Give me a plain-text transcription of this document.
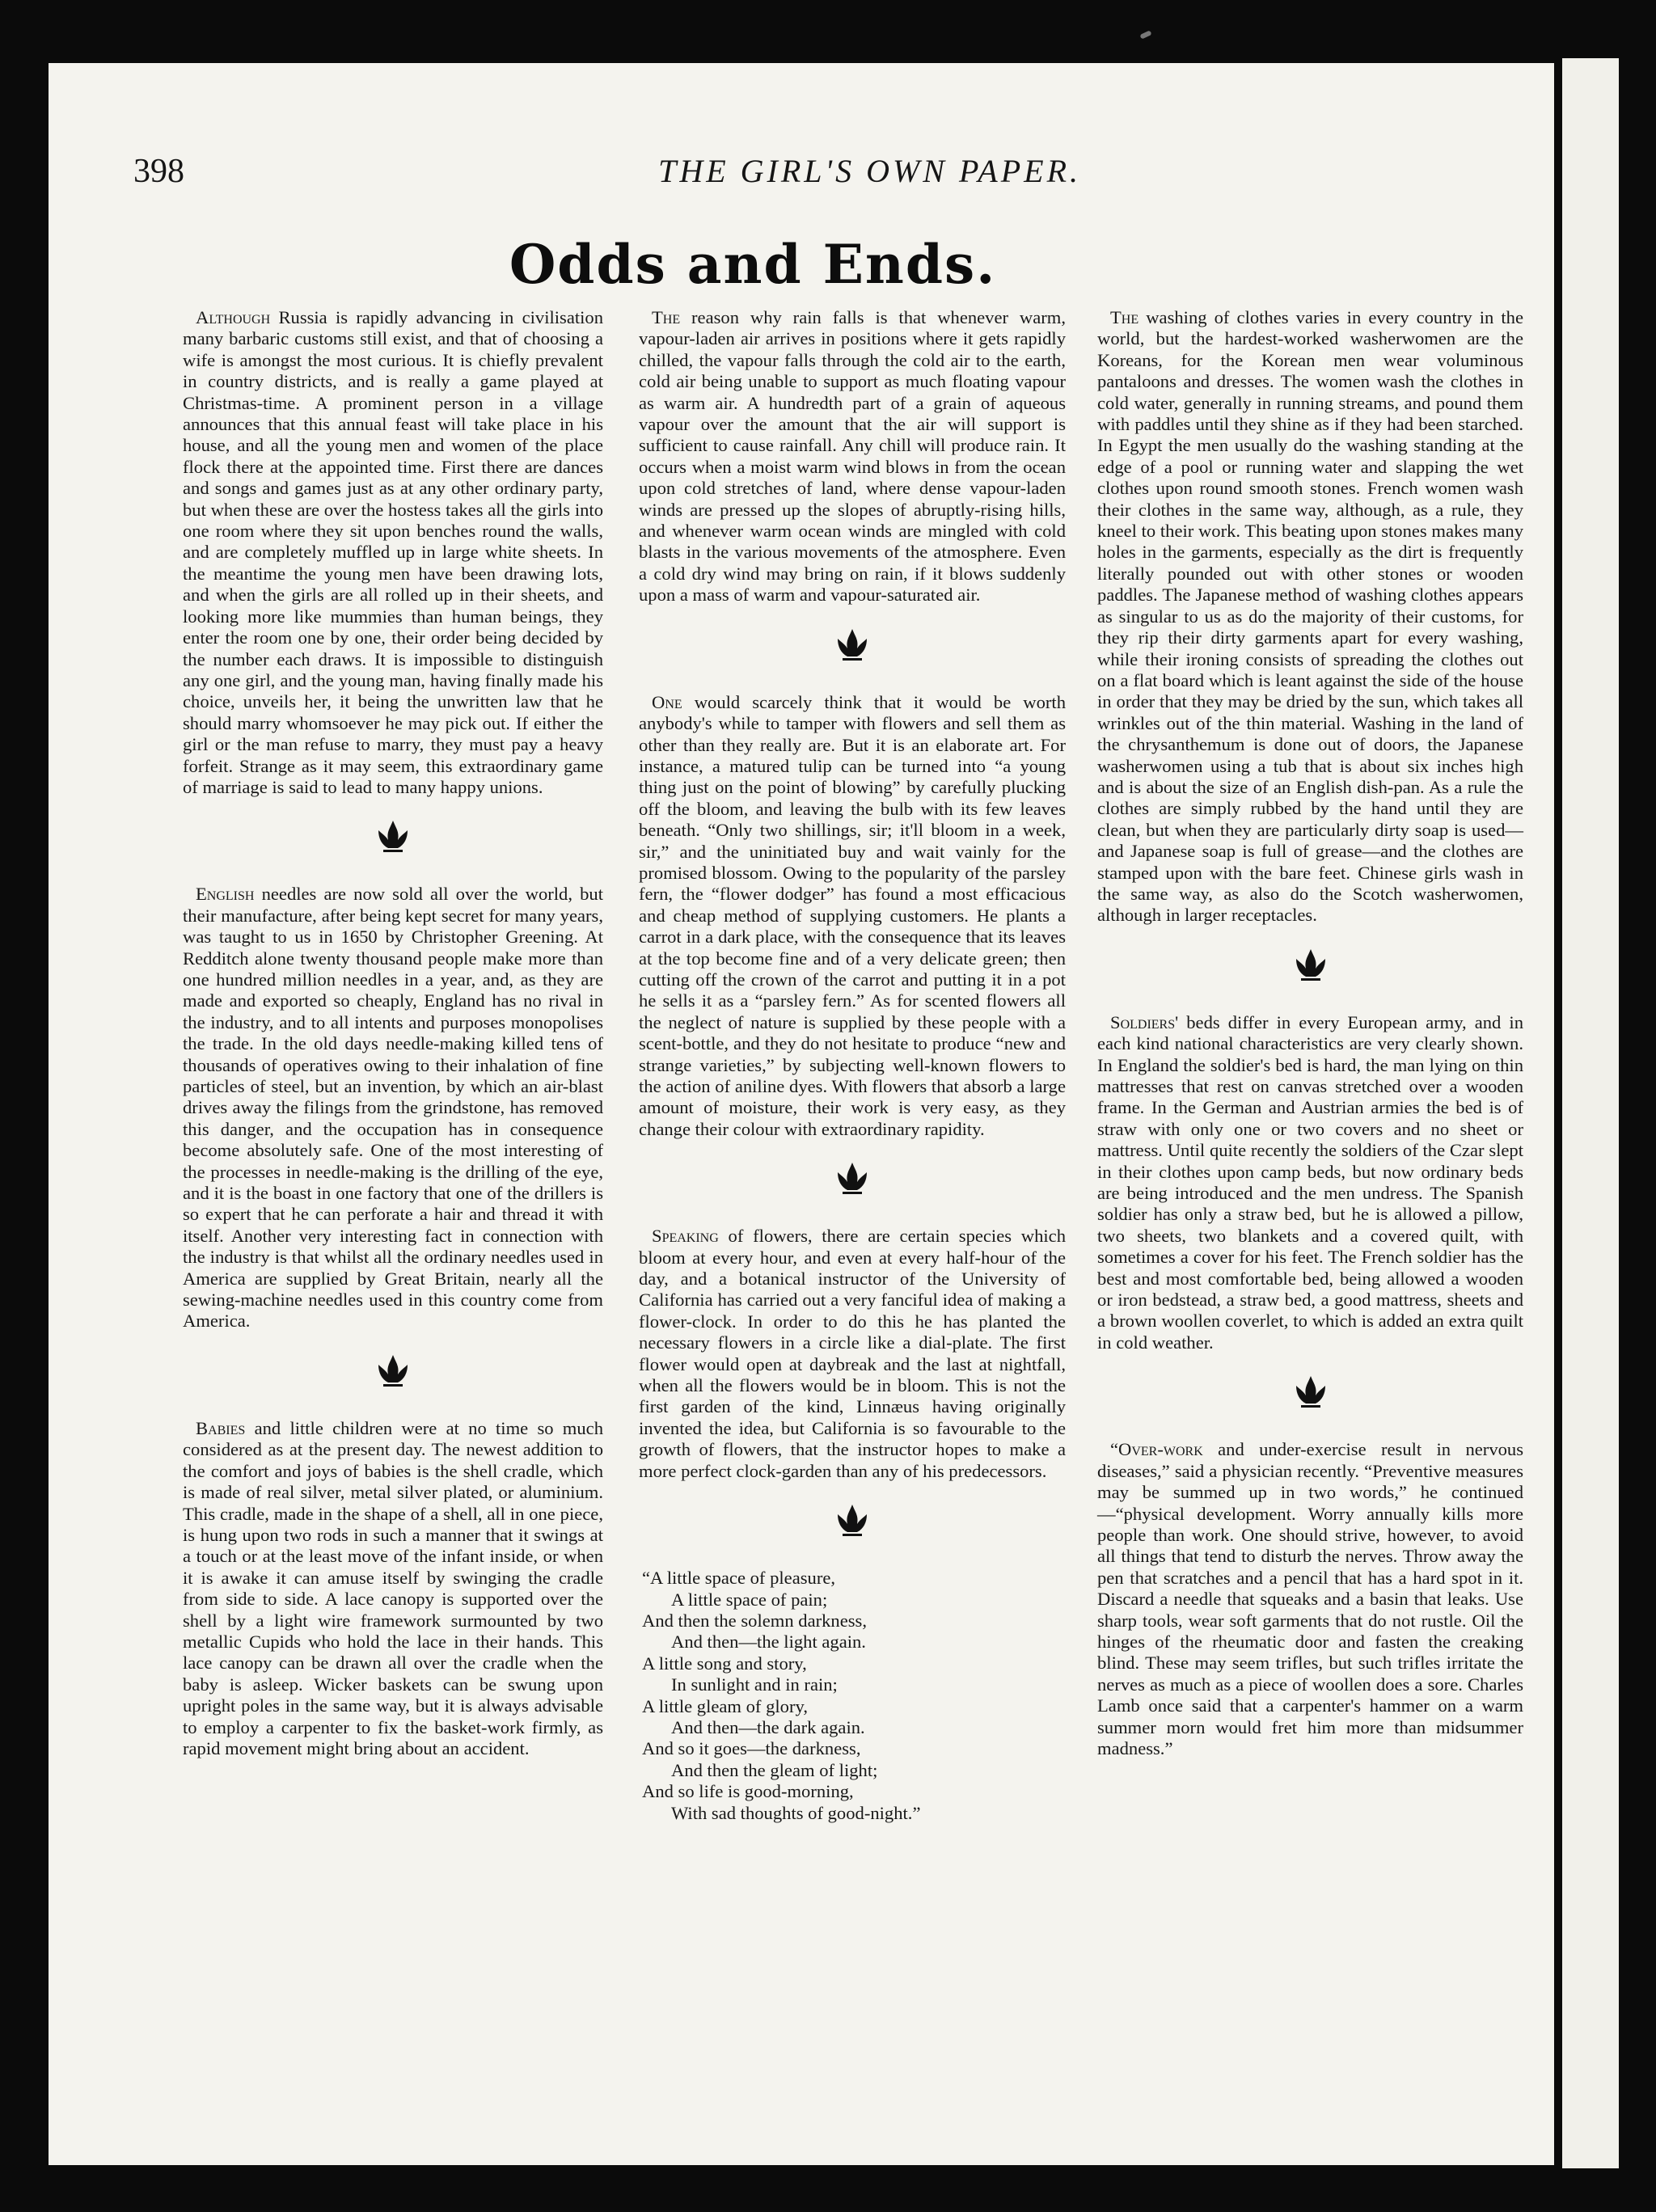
398	THE GIRL'S OWN PAPER.
Odds and Ends.

Although Russia is rapidly advancing in civilisation many barbaric customs still exist, and that of choosing a wife is amongst the most curious. It is chiefly prevalent in country districts, and is really a game played at Christmas-time. A prominent person in a village announces that this annual feast will take place in his house, and all the young men and women of the place flock there at the appointed time. First there are dances and songs and games just as at any other ordinary party, but when these are over the hostess takes all the girls into one room where they sit upon benches round the walls, and are completely muffled up in large white sheets. In the meantime the young men have been drawing lots, and when the girls are all rolled up in their sheets, and looking more like mummies than human beings, they enter the room one by one, their order being decided by the number each draws. It is impossible to distinguish any one girl, and the young man, having finally made his choice, unveils her, it being the unwritten law that he should marry whomsoever he may pick out. If either the girl or the man refuse to marry, they must pay a heavy forfeit. Strange as it may seem, this extraordinary game of marriage is said to lead to many happy unions.

English needles are now sold all over the world, but their manufacture, after being kept secret for many years, was taught to us in 1650 by Christopher Greening. At Redditch alone twenty thousand people make more than one hundred million needles in a year, and, as they are made and exported so cheaply, England has no rival in the industry, and to all intents and purposes monopolises the trade. In the old days needle-making killed tens of thousands of operatives owing to their inhalation of fine particles of steel, but an invention, by which an air-blast drives away the filings from the grindstone, has removed this danger, and the occupation has in consequence become absolutely safe. One of the most interesting of the processes in needle-making is the drilling of the eye, and it is the boast in one factory that one of the drillers is so expert that he can perforate a hair and thread it with itself. Another very interesting fact in connection with the industry is that whilst all the ordinary needles used in America are supplied by Great Britain, nearly all the sewing-machine needles used in this country come from America.

Babies and little children were at no time so much considered as at the present day. The newest addition to the comfort and joys of babies is the shell cradle, which is made of real silver, metal silver plated, or aluminium. This cradle, made in the shape of a shell, all in one piece, is hung upon two rods in such a manner that it swings at a touch or at the least move of the infant inside, or when it is awake it can amuse itself by swinging the cradle from side to side. A lace canopy is supported over the shell by a light wire framework surmounted by two metallic Cupids who hold the lace in their hands. This lace canopy can be drawn all over the cradle when the baby is asleep. Wicker baskets can be swung upon upright poles in the same way, but it is always advisable to employ a carpenter to fix the basket-work firmly, as rapid movement might bring about an accident.

The reason why rain falls is that whenever warm, vapour-laden air arrives in positions where it gets rapidly chilled, the vapour falls through the cold air to the earth, cold air being unable to support as much floating vapour as warm air. A hundredth part of a grain of aqueous vapour over the amount that the air will support is sufficient to cause rainfall. Any chill will produce rain. It occurs when a moist warm wind blows in from the ocean upon cold stretches of land, where dense vapour-laden winds are pressed up the slopes of abruptly-rising hills, and whenever warm ocean winds are mingled with cold blasts in the various movements of the atmosphere. Even a cold dry wind may bring on rain, if it blows suddenly upon a mass of warm and vapour-saturated air.

One would scarcely think that it would be worth anybody's while to tamper with flowers and sell them as other than they really are. But it is an elaborate art. For instance, a matured tulip can be turned into “a young thing just on the point of blowing” by carefully plucking off the bloom, and leaving the bulb with its few leaves beneath. “Only two shillings, sir; it'll bloom in a week, sir,” and the uninitiated buy and wait vainly for the promised blossom. Owing to the popularity of the parsley fern, the “flower dodger” has found a most efficacious and cheap method of supplying customers. He plants a carrot in a dark place, with the consequence that its leaves at the top become fine and of a very delicate green; then cutting off the crown of the carrot and putting it in a pot he sells it as a “parsley fern.” As for scented flowers all the neglect of nature is supplied by these people with a scent-bottle, and they do not hesitate to produce “new and strange varieties,” by subjecting well-known flowers to the action of aniline dyes. With flowers that absorb a large amount of moisture, their work is very easy, as they change their colour with extraordinary rapidity.

Speaking of flowers, there are certain species which bloom at every hour, and even at every half-hour of the day, and a botanical instructor of the University of California has carried out a very fanciful idea of making a flower-clock. In order to do this he has planted the necessary flowers in a circle like a dial-plate. The first flower would open at daybreak and the last at nightfall, when all the flowers would be in bloom. This is not the first garden of the kind, Linnæus having originally invented the idea, but California is so favourable to the growth of flowers, that the instructor hopes to make a more perfect clock-garden than any of his predecessors.

“A little space of pleasure,
A little space of pain;
And then the solemn darkness,
And then—the light again.
A little song and story,
In sunlight and in rain;
A little gleam of glory,
And then—the dark again.
And so it goes—the darkness,
And then the gleam of light;
And so life is good-morning,
With sad thoughts of good-night.”

The washing of clothes varies in every country in the world, but the hardest-worked washerwomen are the Koreans, for the Korean men wear voluminous pantaloons and dresses. The women wash the clothes in cold water, generally in running streams, and pound them with paddles until they shine as if they had been starched. In Egypt the men usually do the washing standing at the edge of a pool or running water and slapping the wet clothes upon round smooth stones. French women wash their clothes in the same way, although, as a rule, they kneel to their work. This beating upon stones makes many holes in the garments, especially as the dirt is frequently literally pounded out with other stones or wooden paddles. The Japanese method of washing clothes appears as singular to us as do the majority of their customs, for they rip their dirty garments apart for every washing, while their ironing consists of spreading the clothes out on a flat board which is leant against the side of the house in order that they may be dried by the sun, which takes all wrinkles out of the thin material. Washing in the land of the chrysanthemum is done out of doors, the Japanese washerwomen using a tub that is about six inches high and is about the size of an English dish-pan. As a rule the clothes are simply rubbed by the hand until they are clean, but when they are particularly dirty soap is used—and Japanese soap is full of grease—and the clothes are stamped upon with the bare feet. Chinese girls wash in the same way, as also do the Scotch washerwomen, although in larger receptacles.

Soldiers' beds differ in every European army, and in each kind national characteristics are very clearly shown. In England the soldier's bed is hard, the man lying on thin mattresses that rest on canvas stretched over a wooden frame. In the German and Austrian armies the bed is of straw with only one or two covers and no sheet or mattress. Until quite recently the soldiers of the Czar slept in their clothes upon camp beds, but now ordinary beds are being introduced and the men undress. The Spanish soldier has only a straw bed, but he is allowed a pillow, two sheets, two blankets and a covered quilt, with sometimes a cover for his feet. The French soldier has the best and most comfortable bed, being allowed a wooden or iron bedstead, a straw bed, a good mattress, sheets and a brown woollen coverlet, to which is added an extra quilt in cold weather.

“Over-work and under-exercise result in nervous diseases,” said a physician recently. “Preventive measures may be summed up in two words,” he continued—“physical development. Worry annually kills more people than work. One should strive, however, to avoid all things that tend to disturb the nerves. Throw away the pen that scratches and a pencil that has a hard spot in it. Discard a needle that squeaks and a basin that leaks. Use sharp tools, wear soft garments that do not rustle. Oil the hinges of the rheumatic door and fasten the creaking blind. These may seem trifles, but such trifles irritate the nerves as much as a piece of woollen does a sore. Charles Lamb once said that a carpenter's hammer on a warm summer morn would fret him more than midsummer madness.”
